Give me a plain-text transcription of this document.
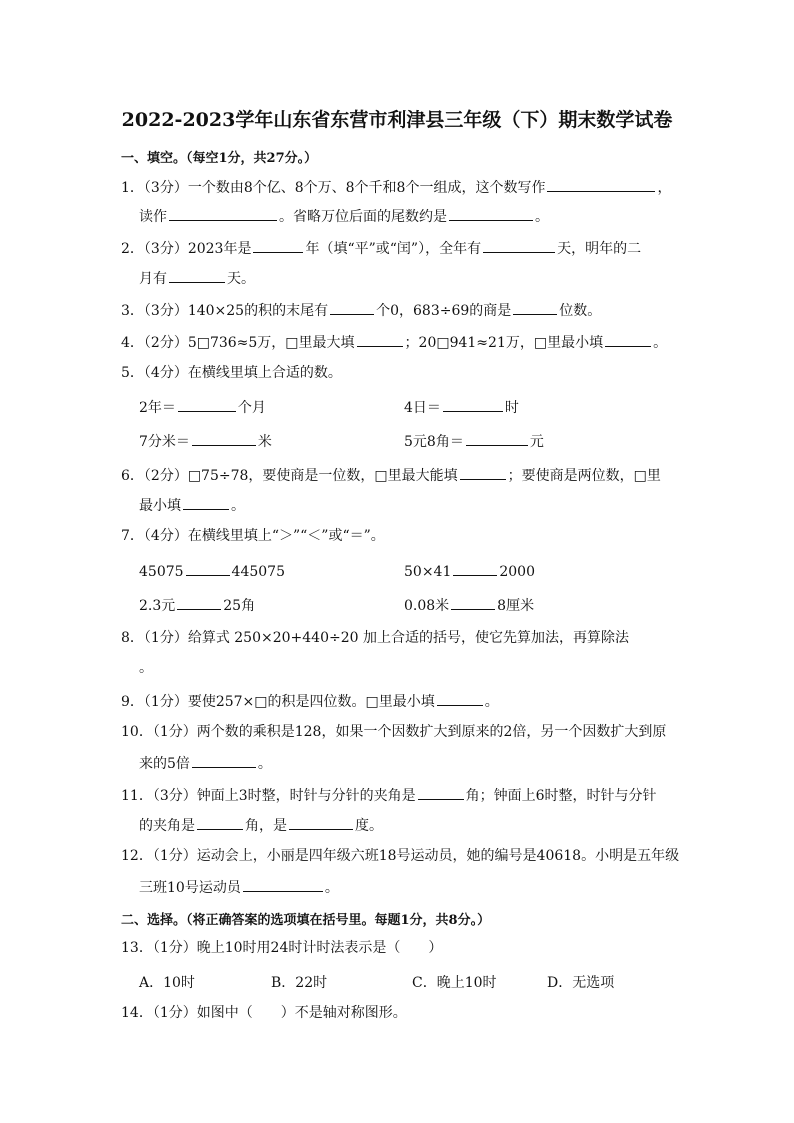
2022-2023学年山东省东营市利津县三年级（下）期末数学试卷
一、填空。（每空1分，共27分。）
1．（3分）一个数由8个亿、8个万、8个千和8个一组成，这个数写作	，
读作	。省略万位后面的尾数约是	。
2．（3分）2023年是	年（填“平”或“闰”），全年有	天，明年的二
月有	天。
3．（3分）140×25的积的末尾有	个0，683÷69的商是	位数。
4．（2分）5□736≈5万，□里最大填	；20□941≈21万，□里最小填	。
5．（4分）在横线里填上合适的数。
2年＝	个月	4日＝	时
7分米＝	米	5元8角＝	元
6．（2分）□75÷78，要使商是一位数，□里最大能填	；要使商是两位数，□里
最小填	。
7．（4分）在横线里填上“＞”“＜”或“＝”。
45075	445075	50×41	2000
2.3元	25角	0.08米	8厘米
8．（1分）给算式 250×20+440÷20 加上合适的括号，使它先算加法，再算除法
。
9．（1分）要使257×□的积是四位数。□里最小填	。
10．（1分）两个数的乘积是128，如果一个因数扩大到原来的2倍，另一个因数扩大到原
来的5倍	。
11．（3分）钟面上3时整，时针与分针的夹角是	角；钟面上6时整，时针与分针
的夹角是	角，是	度。
12．（1分）运动会上，小丽是四年级六班18号运动员，她的编号是40618。小明是五年级
三班10号运动员	。
二、选择。（将正确答案的选项填在括号里。每题1分，共8分。）
13．（1分）晚上10时用24时计时法表示是（　　）
A．10时	B．22时	C．晚上10时	D．无选项
14．（1分）如图中（　　）不是轴对称图形。
